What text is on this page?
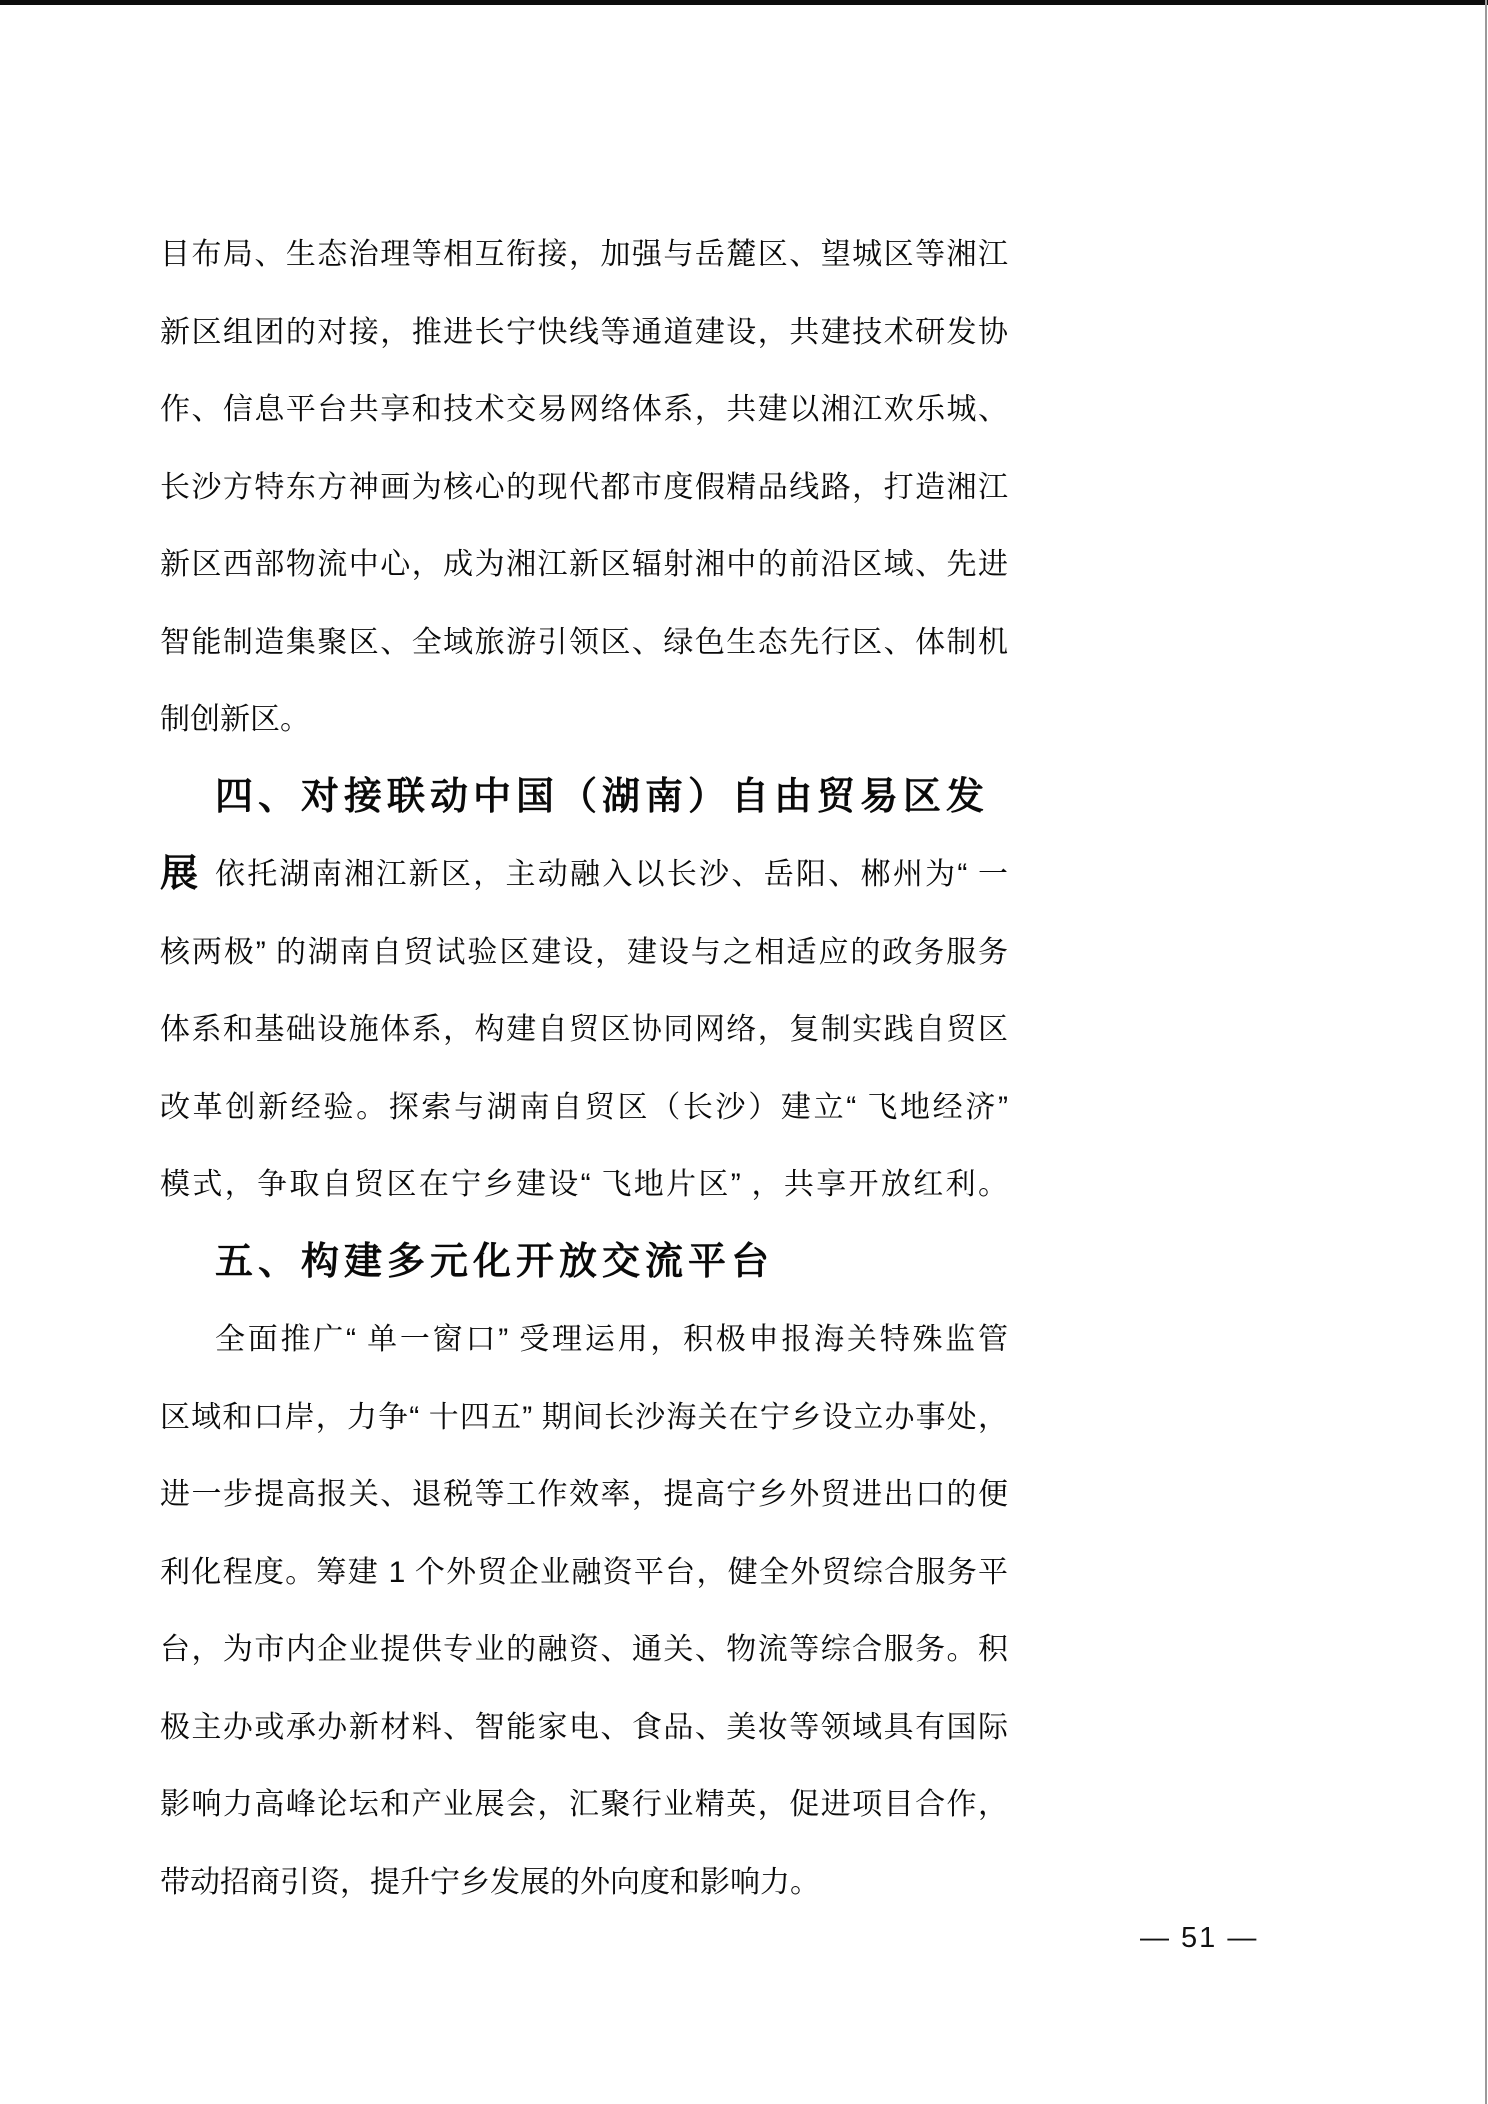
目布局、生态治理等相互衔接，加强与岳麓区、望城区等湘江
新区组团的对接，推进长宁快线等通道建设，共建技术研发协
作、信息平台共享和技术交易网络体系，共建以湘江欢乐城、
长沙方特东方神画为核心的现代都市度假精品线路，打造湘江
新区西部物流中心，成为湘江新区辐射湘中的前沿区域、先进
智能制造集聚区、全域旅游引领区、绿色生态先行区、体制机
制创新区。
四、对接联动中国（湖南）自由贸易区发展 依托湖南湘江新区，主动融入以长沙、岳阳、郴州为“ 一
核两极” 的湖南自贸试验区建设，建设与之相适应的政务服务
体系和基础设施体系，构建自贸区协同网络，复制实践自贸区
改革创新经验。探索与湖南自贸区（长沙）建立“ 飞地经济”
模式，争取自贸区在宁乡建设“ 飞地片区” ，共享开放红利。
五、构建多元化开放交流平台
全面推广“ 单一窗口” 受理运用，积极申报海关特殊监管
区域和口岸，力争“ 十四五” 期间长沙海关在宁乡设立办事处，
进一步提高报关、退税等工作效率，提高宁乡外贸进出口的便
利化程度。筹建 1 个外贸企业融资平台，健全外贸综合服务平
台，为市内企业提供专业的融资、通关、物流等综合服务。积
极主办或承办新材料、智能家电、食品、美妆等领域具有国际
影响力高峰论坛和产业展会，汇聚行业精英，促进项目合作，
带动招商引资，提升宁乡发展的外向度和影响力。
— 51 —
